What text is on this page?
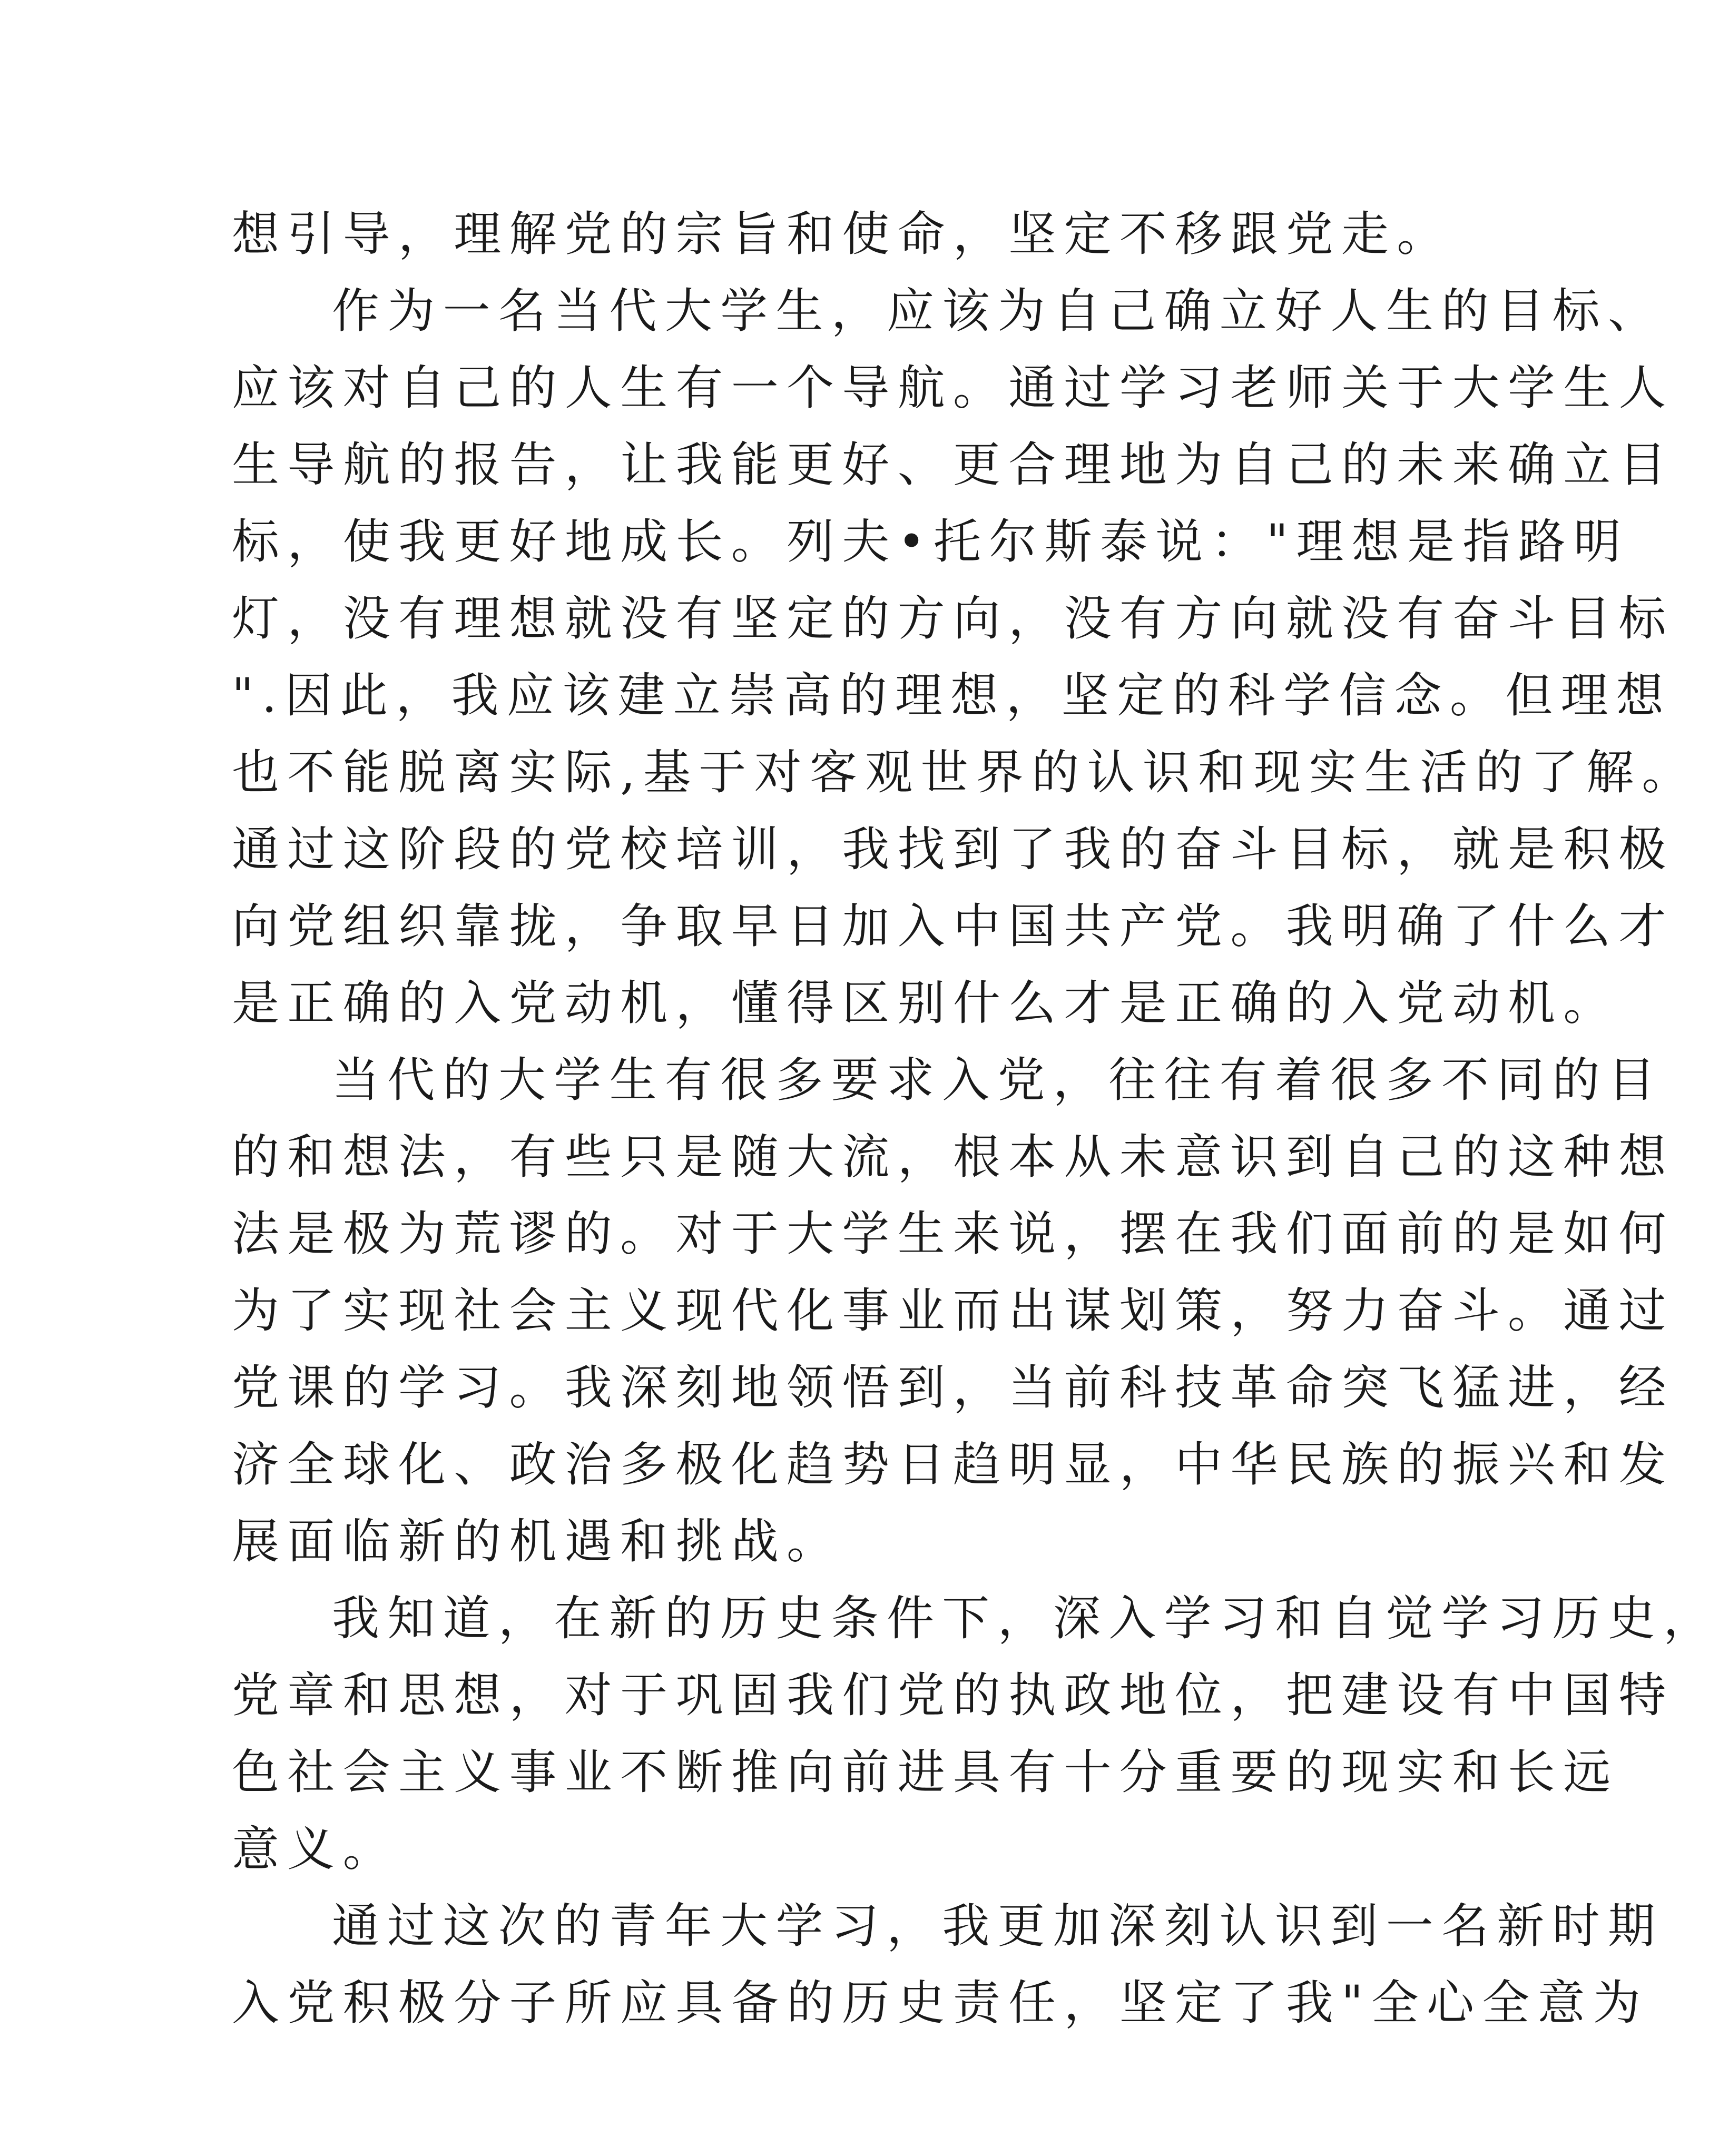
想引导，理解党的宗旨和使命，坚定不移跟党走。
作为一名当代大学生，应该为自己确立好人生的目标、
应该对自己的人生有一个导航。通过学习老师关于大学生人
生导航的报告，让我能更好、更合理地为自己的未来确立目
标，使我更好地成长。列夫•托尔斯泰说："理想是指路明
灯，没有理想就没有坚定的方向，没有方向就没有奋斗目标
".因此，我应该建立崇高的理想，坚定的科学信念。但理想
也不能脱离实际,基于对客观世界的认识和现实生活的了解。
通过这阶段的党校培训，我找到了我的奋斗目标，就是积极
向党组织靠拢，争取早日加入中国共产党。我明确了什么才
是正确的入党动机，懂得区别什么才是正确的入党动机。
当代的大学生有很多要求入党，往往有着很多不同的目
的和想法，有些只是随大流，根本从未意识到自己的这种想
法是极为荒谬的。对于大学生来说，摆在我们面前的是如何
为了实现社会主义现代化事业而出谋划策，努力奋斗。通过
党课的学习。我深刻地领悟到，当前科技革命突飞猛进，经
济全球化、政治多极化趋势日趋明显，中华民族的振兴和发
展面临新的机遇和挑战。
我知道，在新的历史条件下，深入学习和自觉学习历史，
党章和思想，对于巩固我们党的执政地位，把建设有中国特
色社会主义事业不断推向前进具有十分重要的现实和长远
意义。
通过这次的青年大学习，我更加深刻认识到一名新时期
入党积极分子所应具备的历史责任，坚定了我"全心全意为
